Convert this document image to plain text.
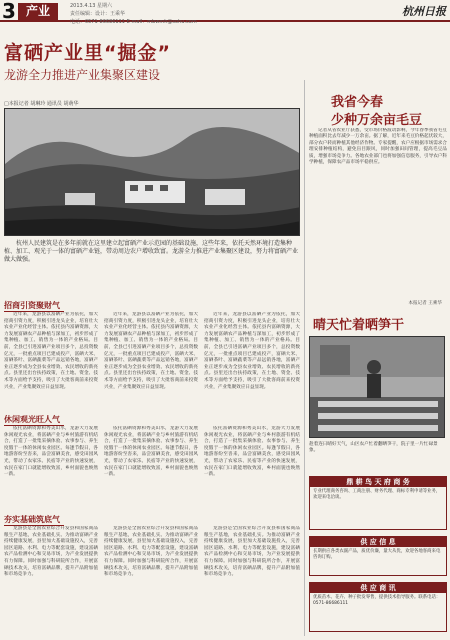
3 产业	2013.4.13 星期六
责任编辑：设计：王乘华
电话：0571-86686111 E-mail：mbwmh@sohu.com
杭州日报
富硒产业里“掘金”
龙游全力推进产业集聚区建设
□本报记者 胡琳玲 通讯员 胡萌华
杭州人民建筑是在多年前就在这里建立起富硒产业示范园的基础设施，这些年来，依托天然环境打造集种植、加工、观光于一体的富硒产业链，带动周边农户增收致富。龙游全力推进产业集聚区建设，努力将富硒产业做大做强。
招商引资聚财气
近年来，龙游县以富硒产业为依托，加大招商引资力度，积极引进龙头企业，培育壮大农业产业化经营主体。依托县内富硒资源，大力发展富硒农产品种植与深加工，初步形成了集种植、加工、销售为一体的产业格局。目前，全县已引进富硒产业项目多个，总投资数亿元，一批重点项目已建成投产，富硒大米、富硒茶叶、富硒蔬菜等产品远销各地，富硒产业正逐步成为全县农业增效、农民增收的新亮点。县里还出台扶持政策，在土地、资金、技术等方面给予支持，吸引了大批客商前来投资兴业，产业集聚效应日益显现。
近年来，龙游县以富硒产业为依托，加大招商引资力度，积极引进龙头企业，培育壮大农业产业化经营主体。依托县内富硒资源，大力发展富硒农产品种植与深加工，初步形成了集种植、加工、销售为一体的产业格局。目前，全县已引进富硒产业项目多个，总投资数亿元，一批重点项目已建成投产，富硒大米、富硒茶叶、富硒蔬菜等产品远销各地，富硒产业正逐步成为全县农业增效、农民增收的新亮点。县里还出台扶持政策，在土地、资金、技术等方面给予支持，吸引了大批客商前来投资兴业，产业集聚效应日益显现。
近年来，龙游县以富硒产业为依托，加大招商引资力度，积极引进龙头企业，培育壮大农业产业化经营主体。依托县内富硒资源，大力发展富硒农产品种植与深加工，初步形成了集种植、加工、销售为一体的产业格局。目前，全县已引进富硒产业项目多个，总投资数亿元，一批重点项目已建成投产，富硒大米、富硒茶叶、富硒蔬菜等产品远销各地，富硒产业正逐步成为全县农业增效、农民增收的新亮点。县里还出台扶持政策，在土地、资金、技术等方面给予支持，吸引了大批客商前来投资兴业，产业集聚效应日益显现。
休闲观光旺人气
依托富硒资源和秀美山水，龙游大力发展休闲观光农业，将富硒产业与乡村旅游有机结合，打造了一批集采摘体验、农事参与、养生度假于一体的休闲农业园区。每逢节假日，各地游客纷至沓来，品尝富硒美食，感受田园风光，带动了农家乐、民宿等产业的快速发展，农民在家门口就能增收致富，乡村面貌也焕然一新。
依托富硒资源和秀美山水，龙游大力发展休闲观光农业，将富硒产业与乡村旅游有机结合，打造了一批集采摘体验、农事参与、养生度假于一体的休闲农业园区。每逢节假日，各地游客纷至沓来，品尝富硒美食，感受田园风光，带动了农家乐、民宿等产业的快速发展，农民在家门口就能增收致富，乡村面貌也焕然一新。
依托富硒资源和秀美山水，龙游大力发展休闲观光农业，将富硒产业与乡村旅游有机结合，打造了一批集采摘体验、农事参与、养生度假于一体的休闲农业园区。每逢节假日，各地游客纷至沓来，品尝富硒美食，感受田园风光，带动了农家乐、民宿等产业的快速发展，农民在家门口就能增收致富，乡村面貌也焕然一新。
夯实基础筑底气
龙游县是全国农业综合开发县和国家商品粮生产基地，农业基础扎实。为推动富硒产业持续健康发展，县里加大基础设施投入，完善园区道路、水利、电力等配套设施，建设富硒农产品检测中心和交易市场，为产业发展提供有力保障。同时加强与科研院所合作，开展富硒技术攻关，培育富硒品牌，提升产品附加值和市场竞争力。
龙游县是全国农业综合开发县和国家商品粮生产基地，农业基础扎实。为推动富硒产业持续健康发展，县里加大基础设施投入，完善园区道路、水利、电力等配套设施，建设富硒农产品检测中心和交易市场，为产业发展提供有力保障。同时加强与科研院所合作，开展富硒技术攻关，培育富硒品牌，提升产品附加值和市场竞争力。
龙游县是全国农业综合开发县和国家商品粮生产基地，农业基础扎实。为推动富硒产业持续健康发展，县里加大基础设施投入，完善园区道路、水利、电力等配套设施，建设富硒农产品检测中心和交易市场，为产业发展提供有力保障。同时加强与科研院所合作，开展富硒技术攻关，培育富硒品牌，提升产品附加值和市场竞争力。
我省今春
少种万余亩毛豆
记者从省农业厅获悉，受市场价格波动影响，今年春季我省毛豆种植面积比去年减少一万余亩。据了解，近年来毛豆价格起伏较大，部分农户转而种植其他经济作物。专家提醒，农户应根据市场需求合理安排种植结构，避免盲目跟风，同时加强田间管理，提高毛豆品质，增强市场竞争力。各地农业部门也将加强信息服务，引导农户科学种植，保障农产品市场平稳供应。
本报记者 王乘华
晴天忙着晒笋干
趁着连日晴好天气，山区农户忙着翻晒笋干，院子里一片忙碌景象。
鼎 耕 鸟 天 府 商 务
专业代理商务咨询、工商注册、财务代理、商标专利申请等业务，欢迎来电洽谈。
供 应 信 息
长期供应各类农副产品，质优价廉，量大从优，欢迎各地客商来电咨询订购。
供 应 商 讯
优质苗木、花卉、种子批发零售，提供技术指导服务。联系电话：0571-86686111
